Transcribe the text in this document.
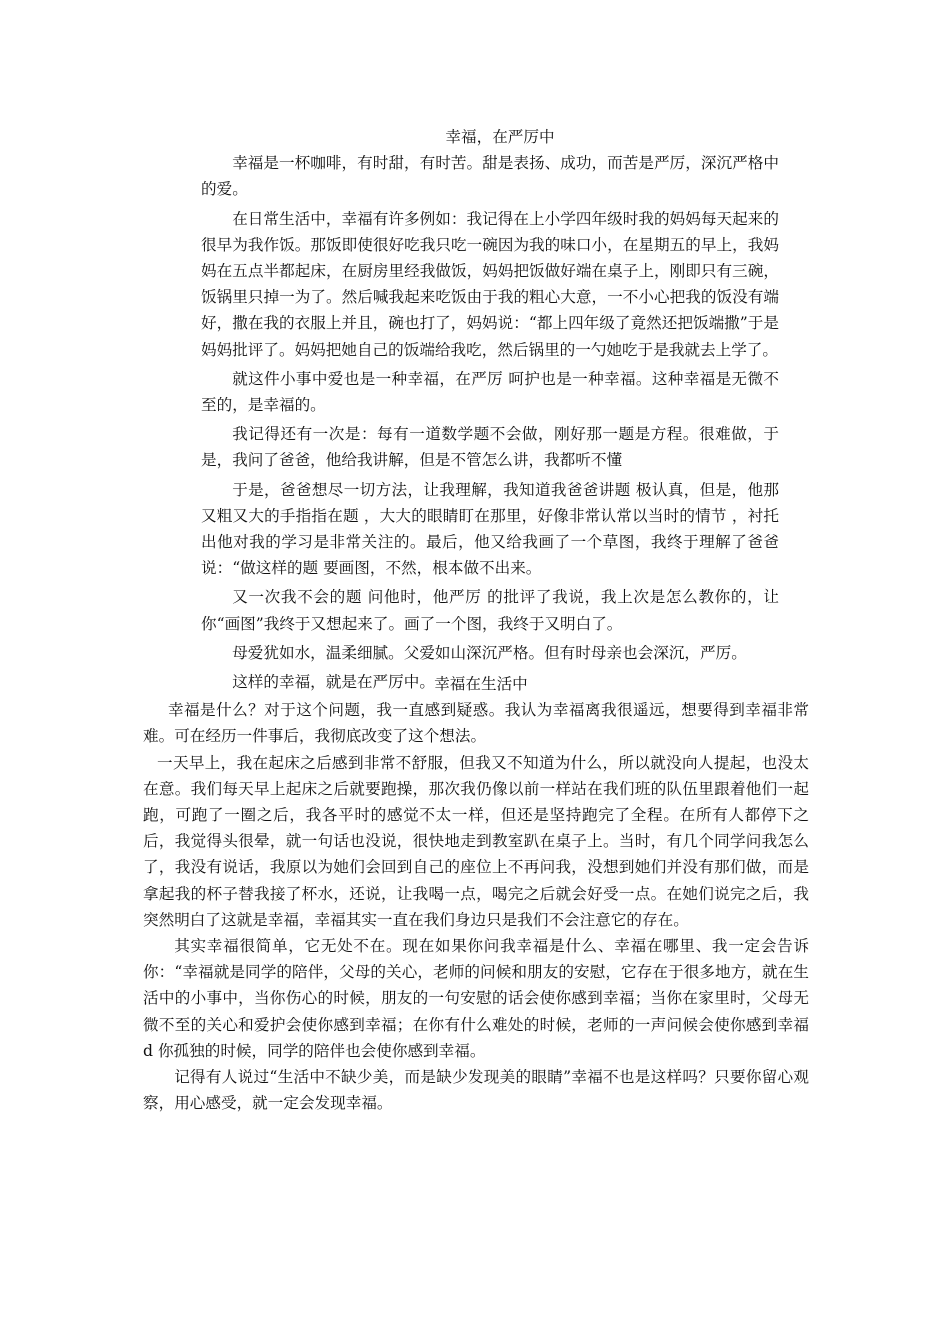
幸福，在严厉中

幸福是一杯咖啡，有时甜，有时苦。甜是表扬、成功，而苦是严厉，深沉严格中的爱。

在日常生活中，幸福有许多例如：我记得在上小学四年级时我的妈妈每天起来的很早为我作饭。那饭即使很好吃我只吃一碗因为我的味口小，在星期五的早上，我妈妈在五点半都起床，在厨房里经我做饭，妈妈把饭做好端在桌子上，刚即只有三碗，饭锅里只掉一为了。然后喊我起来吃饭由于我的粗心大意，一不小心把我的饭没有端好，撒在我的衣服上并且，碗也打了，妈妈说：“都上四年级了竟然还把饭端撒”于是妈妈批评了。妈妈把她自己的饭端给我吃，然后锅里的一勺她吃于是我就去上学了。

就这件小事中爱也是一种幸福，在严厉 呵护也是一种幸福。这种幸福是无微不至的，是幸福的。

我记得还有一次是：每有一道数学题不会做，刚好那一题是方程。很难做，于是，我问了爸爸，他给我讲解，但是不管怎么讲，我都听不懂

于是，爸爸想尽一切方法，让我理解，我知道我爸爸讲题 极认真，但是，他那又粗又大的手指指在题 ，大大的眼睛盯在那里，好像非常认常以当时的情节 ，衬托出他对我的学习是非常关注的。最后，他又给我画了一个草图，我终于理解了爸爸说：“做这样的题 要画图，不然，根本做不出来。

又一次我不会的题 问他时，他严厉 的批评了我说，我上次是怎么教你的，让你“画图”我终于又想起来了。画了一个图，我终于又明白了。

母爱犹如水，温柔细腻。父爱如山深沉严格。但有时母亲也会深沉，严厉。

这样的幸福，就是在严厉中。 幸福在生活中

幸福是什么？对于这个问题，我一直感到疑惑。我认为幸福离我很遥远，想要得到幸福非常难。可在经历一件事后，我彻底改变了这个想法。

一天早上，我在起床之后感到非常不舒服，但我又不知道为什么，所以就没向人提起，也没太在意。我们每天早上起床之后就要跑操，那次我仍像以前一样站在我们班的队伍里跟着他们一起跑，可跑了一圈之后，我各平时的感觉不太一样，但还是坚持跑完了全程。在所有人都停下之后，我觉得头很晕，就一句话也没说，很快地走到教室趴在桌子上。当时，有几个同学问我怎么了，我没有说话，我原以为她们会回到自己的座位上不再问我，没想到她们并没有那们做，而是拿起我的杯子替我接了杯水，还说，让我喝一点，喝完之后就会好受一点。在她们说完之后，我突然明白了这就是幸福，幸福其实一直在我们身边只是我们不会注意它的存在。

其实幸福很简单，它无处不在。现在如果你问我幸福是什么、幸福在哪里、我一定会告诉你：“幸福就是同学的陪伴，父母的关心，老师的问候和朋友的安慰，它存在于很多地方，就在生活中的小事中，当你伤心的时候，朋友的一句安慰的话会使你感到幸福；当你在家里时，父母无微不至的关心和爱护会使你感到幸福；在你有什么难处的时候，老师的一声问候会使你感到幸福 d 你孤独的时候，同学的陪伴也会使你感到幸福。

记得有人说过“生活中不缺少美，而是缺少发现美的眼睛”幸福不也是这样吗？只要你留心观察，用心感受，就一定会发现幸福。
